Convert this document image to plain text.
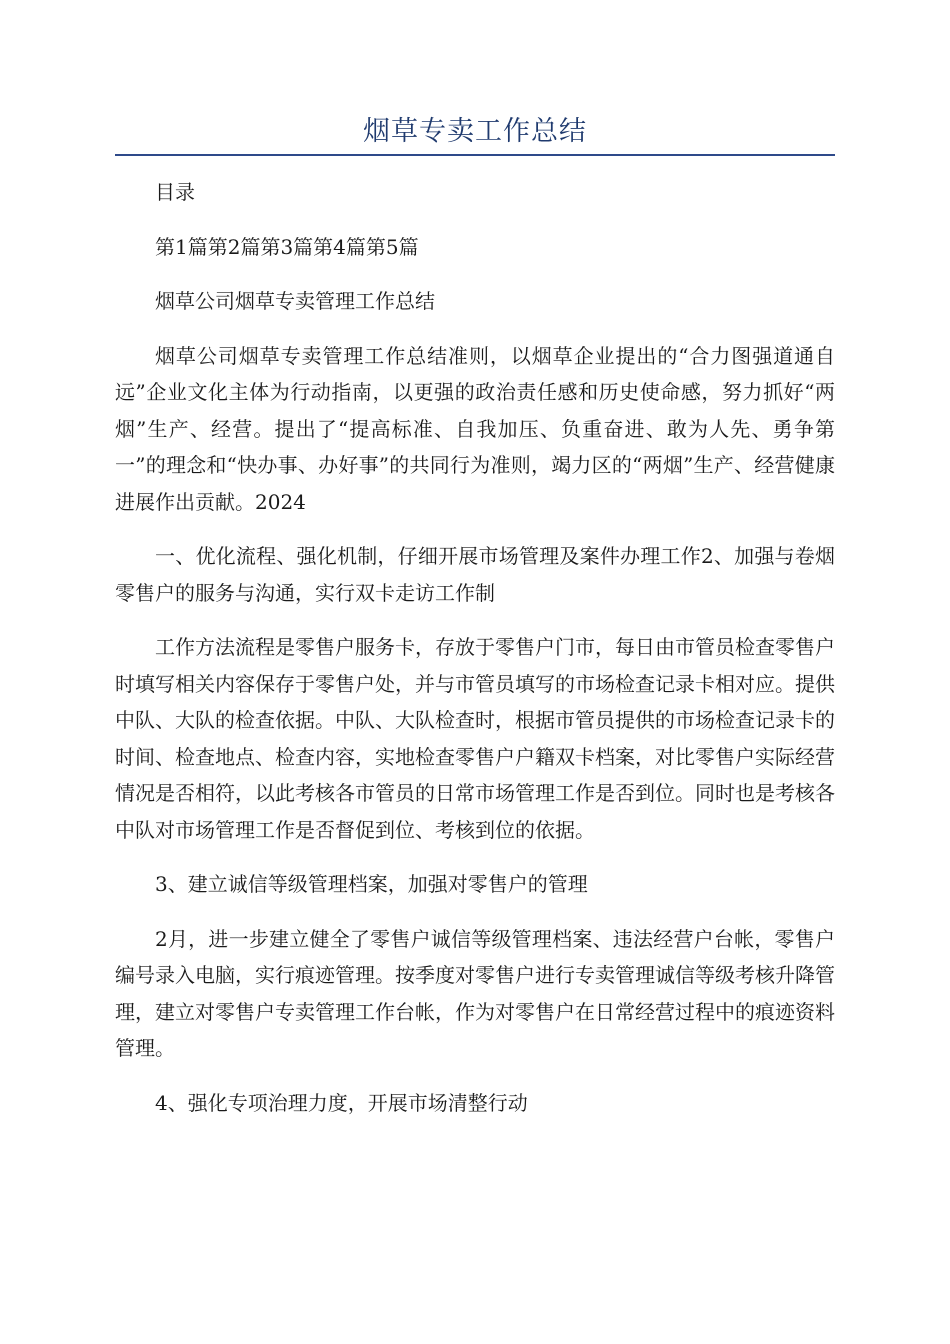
烟草专卖工作总结

目录

第1篇第2篇第3篇第4篇第5篇

烟草公司烟草专卖管理工作总结

烟草公司烟草专卖管理工作总结准则，以烟草企业提出的“合力图强道通自远”企业文化主体为行动指南，以更强的政治责任感和历史使命感，努力抓好“两烟”生产、经营。提出了“提高标准、自我加压、负重奋进、敢为人先、勇争第一”的理念和“快办事、办好事”的共同行为准则，竭力区的“两烟”生产、经营健康进展作出贡献。2024

一、优化流程、强化机制，仔细开展市场管理及案件办理工作2、加强与卷烟零售户的服务与沟通，实行双卡走访工作制

工作方法流程是零售户服务卡，存放于零售户门市，每日由市管员检查零售户时填写相关内容保存于零售户处，并与市管员填写的市场检查记录卡相对应。提供中队、大队的检查依据。中队、大队检查时，根据市管员提供的市场检查记录卡的时间、检查地点、检查内容，实地检查零售户户籍双卡档案，对比零售户实际经营情况是否相符，以此考核各市管员的日常市场管理工作是否到位。同时也是考核各中队对市场管理工作是否督促到位、考核到位的依据。

3、建立诚信等级管理档案，加强对零售户的管理

2月，进一步建立健全了零售户诚信等级管理档案、违法经营户台帐，零售户编号录入电脑，实行痕迹管理。按季度对零售户进行专卖管理诚信等级考核升降管理，建立对零售户专卖管理工作台帐，作为对零售户在日常经营过程中的痕迹资料管理。

4、强化专项治理力度，开展市场清整行动
